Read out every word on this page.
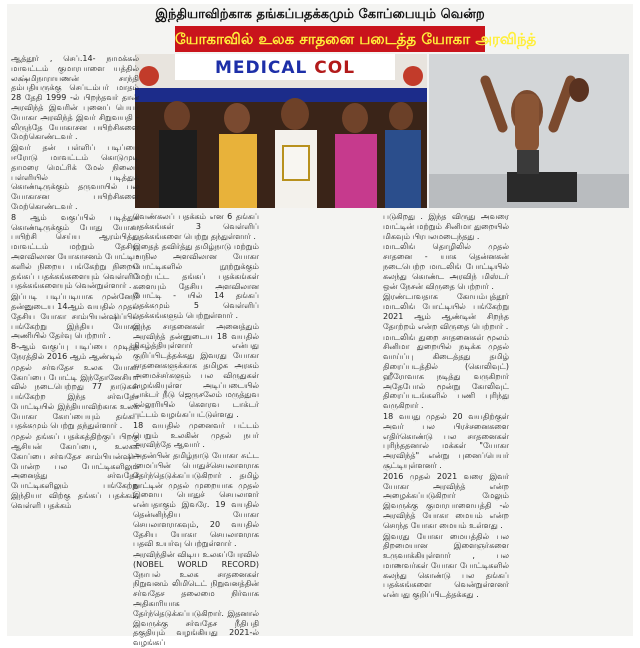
இந்தியாவிற்காக தங்கப்பதக்கமும் கோப்பையும் வென்ற
யோகாவில் உலக சாதனை படைத்த யோகா அரவிந்த்
MEDICAL COL

ஆத்தூர் , செப்.14- நாமக்கல் மாவட்டம் குமாரபாளை யத்தில் லக்ஷ்மிநாராயணன் சாந்தி தம்பதியருக்கு செப்டம்பர் மாதம் 28 தேதி 1999 -ல் பிறந்தவர் தான் அரவிந்த் இவரின் புனைப் பெயர் யோகா அரவிந்த் இவர் சிறுவயதி - லிருந்தே யோகாசன பயிற்சிகளை மேற்கொண்டவர் .

இவர் தன் பள்ளிப் படிப்பை ஈரோடு மாவட்டம் கொடுமுடி தாமரை மெட்ரிக் மேல் நிலைப் பள்ளியில் படித்துக் கொண்டிருக்கும் தருவாயில் பல யோகாசன பயிற்சிகளை மேற்கொண்டவர் .

8 ஆம் வகுப்பில் படித்துக் கொண்டிருக்கும் போது யோகா பயிற்சி செய்ய ஆரம்பித்து மாவட்டம் மற்றும் தேசிய அளவிலான யோகாசனம் போட்டி - களில் நிறைய பங்கேற்று நிறைய தங்கப் பதக்கங்களையும் வெள்ளிப் பதக்கங்களையும் வென்றுள்ளார் .

இப்படி படிப்படியாக முன்னேறி தன்னுடைய 14ஆம் வயதில் முதல் தேசிய யோகா சாம்பியன்ஷிப்பில் பங்கேற்று இந்திய யோகா அணியில் தேர்வு பெற்றார் .

8-ஆம் வகுப்பு படிப்பை முடித்த நேரத்தில் 2016 ஆம் ஆண்டில்

முதல் சர்வதேச உலக யோகா கோப்பை போட்டி இந்தோனேசியா வில் நடைபெற்றது 77 நாடுகள் பங்கேற்ற இந்த சர்வதேச போட்டியில் இந்தியாவிற்காக உலக யோகா கோப்பையும் தங்கப் பதக்கமும் பெற்று தந்துள்ளார் .

முதல் தங்கப் பதக்கத்திற்குப் பிறகு ஆசியன் கோப்பை, உலகக் கோப்பை சர்வதேச சாம்பியன்ஷிப் போன்ற பல போட்டிகளிலும் அனைத்து சர்வதேச போட்டிகளிலும் பங்கேற்று இந்தியா விற்கு தங்கப் பதக்கம், வெள்ளி பதக்கம்

வெண்கலப் பதக்கம் என 6 தங்கப் பதக்கங்கள் 3 வெள்ளிப் பதக்கங்களை பெற்று தந்துள்ளார் .

இதைத் தவிர்த்து தமிழ்நாடு மற்றும் மாநில அளவிலான யோகா போட்டிகளில் நூற்றுக்கும் மேற்பட்ட தங்கப் பதக்கங்கள் களையும் தேசிய அளவிலான போட்டி - யில் 14 தங்கப் பதக்கமும் 5 வெள்ளிப் பதக்கங்களும் பெற்றுள்ளார் .

இந்த சாதனைகள் அனைத்தும் அரவிந்த் தன்னுடைய 18 வயதில் நிகழ்த்தியுள்ளார் என்பது குறிப்பிடத்தக்கது இவரது யோகா சாதனைகளுக்காக தமிழக அரசும் அமைச்சர்களும் பல விருதுகள் வழங்கியுள்ள அடிப்படையில் டாக்டர் நீடு ஜெருசலேம் மருத்துவ கல்லூரியில் கௌரவ டாக்டர் பட்டம் வழங்கப்பட்டுள்ளது .

18 வயதில் முனைவர் பட்டம் பெறும் உலகின் முதல் நபர் அரவிந்தே ஆவார் .

அதன்பின் தமிழ்நாடு யோகா சுட்ட -மைப்பின் பொதுச்செயலாளராக தேர்ந்தெடுக்கப்படுகிறார் . தமிழ் நாட்டின் முதல் முறையாக முதல் இளைய பொதுச் செயலாளர் என்பதாகும் இவரே. 19 வயதில் தென்னிந்திய யோகா செயலாளராகவும், 20 வயதில் தேசிய யோகா செயலாளராக பதவி உயர்வு பெற்றுள்ளார் .

அரவிந்தின் விடிய உலகப்பேரவில் (NOBEL WORLD RECORD) நோபல் உலக சாதனைகள் நிறுவனம் லிமிடெட் நிறுவனத்தின் சர்வதேச தலைமை நிர்வாக அதிகாரியாக தேர்ந்தெடுக்கப்படுகிறார். இதனால் இவருக்கு சர்வதேச நீதிபதி தகுதியும் வழங்கியது 2021-ல் வழங்கப்

படுகிறது . இந்த விருது அவரை மாட்டின் மற்றும் சினிமா துறையில் மிகவும் பிரபலமடைந்தது .

மாடலிங் தொழிலில் முதல் சாதனை - யாக தென்னகன் நடைபெற்ற மாடலிங் போட்டியில் கலந்து கொண்ட அரவிந் மிஸ்டர் ஒன் நேசன் விருதை பெற்றார் .

இரண்டாவதாக கோயம்புத்தூர் மாடலிங் போட்டியில் பங்கேற்று 2021 ஆம் ஆண்டின் சிறந்த தோற்றம் என்ற விருதை பெற்றார் .

மாடலிங் துறை சாதனைகள் மூலம் சினிமா துறையில் நடிக்க முதல் வாய்ப்பு கிடைத்தது தமிழ் திரைப்படத்தில் (கொலிவுட்) ஹீரோவாக நடித்து வருகிறார் அதேபோல் மூன்று கோலிவுட் திரைப்படங்களில் பணி புரிந்து வருகிறார் .

18 வயது முதல் 20 வயதிற்குள் அவர் பல பிரச்சனைகளை எதிர்கொண்டு பல சாதனைகள் புரிந்ததனால் மக்கள் "யோகா அரவிந்த்" என்று புனைப்பெயர் சூட்டியுள்ளனர் .

2016 முதல் 2021 வரை இவர் யோகா அரவிந்த் என்ற அழைக்கப்படுகிறார் மேலும் இவருக்கு குமாரபாளையத்தி -ல் அரவிந்த் யோகா மையம் என்ற சொந்த யோகா மையம் உள்ளது .

இவரது யோகா மையத்தில் பல திறமையான இளைஞர்களை உருவாக்கியுள்ளார் , பல மாணவர்கள் யோகா போட்டிகளில் கலந்து கொண்டு பல தங்கப் பதக்கங்களை வென்றுள்ளனர் என்பது குறிப்பிடத்தக்கது .
